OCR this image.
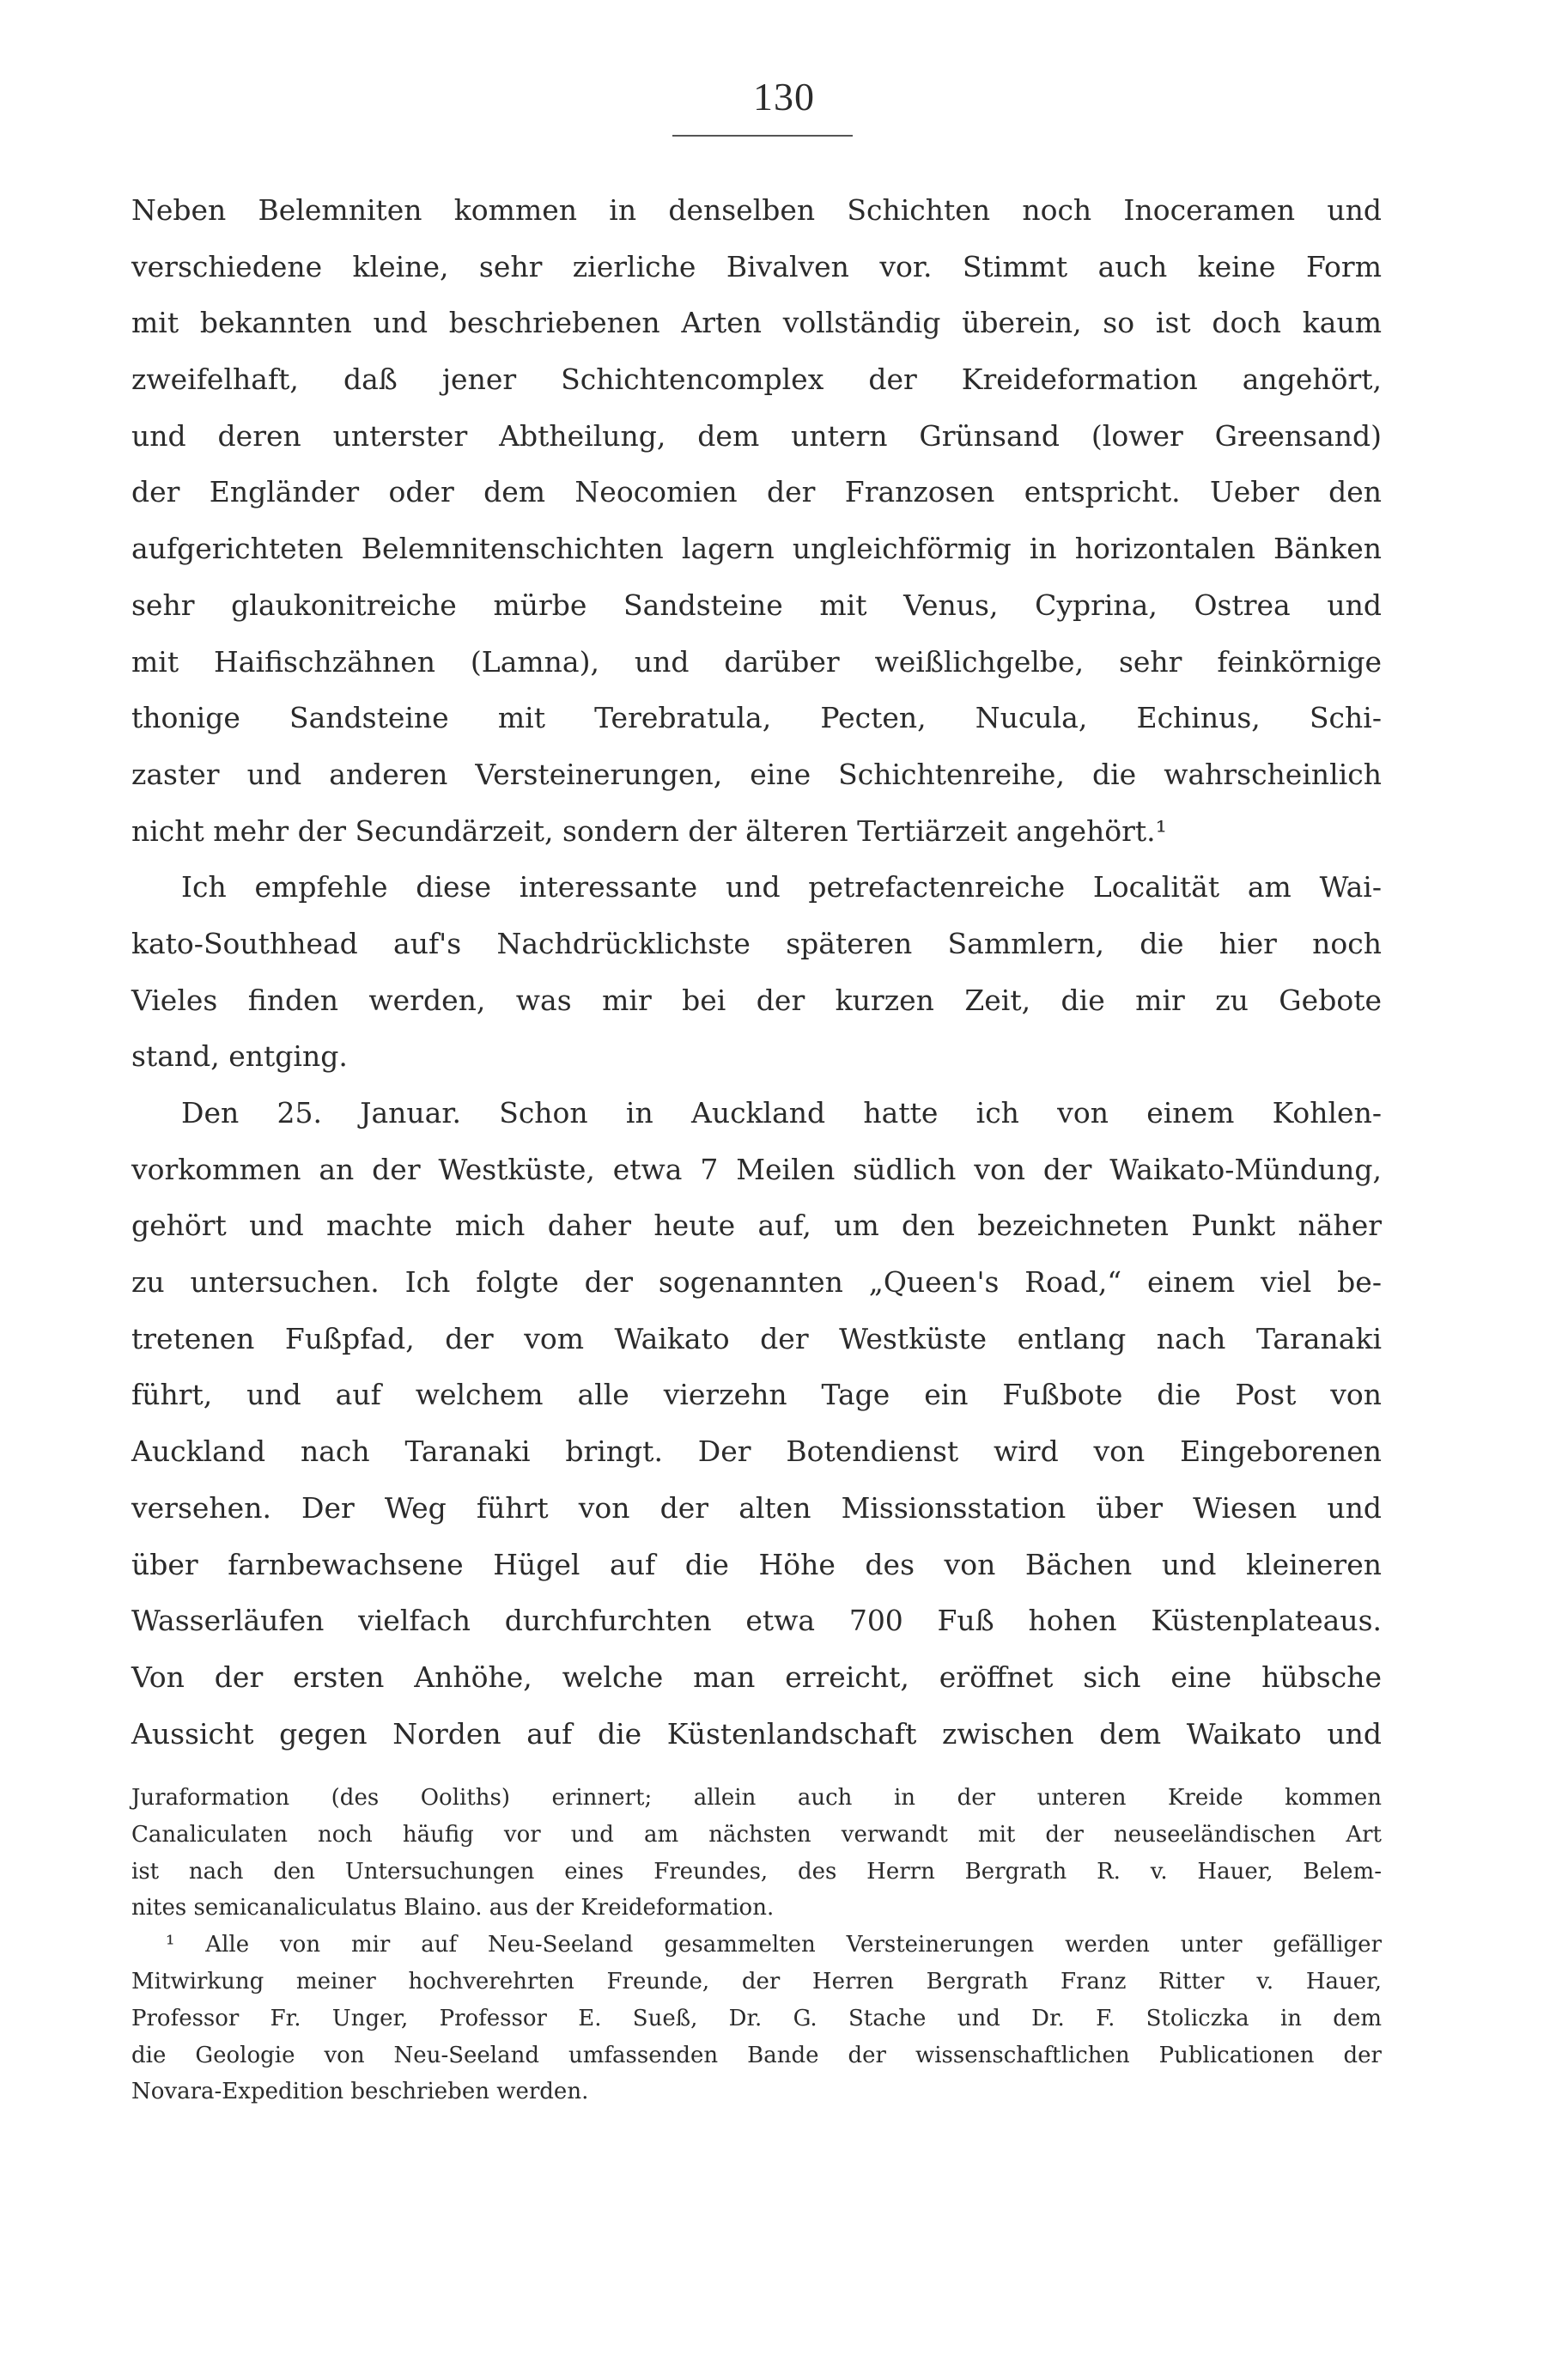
130
Neben Belemniten kommen in denselben Schichten noch Inoceramen und
verschiedene kleine, sehr zierliche Bivalven vor. Stimmt auch keine Form
mit bekannten und beschriebenen Arten vollständig überein, so ist doch kaum
zweifelhaft, daß jener Schichtencomplex der Kreideformation angehört,
und deren unterster Abtheilung, dem untern Grünsand (lower Greensand)
der Engländer oder dem Neocomien der Franzosen entspricht. Ueber den
aufgerichteten Belemnitenschichten lagern ungleichförmig in horizontalen Bänken
sehr glaukonitreiche mürbe Sandsteine mit Venus, Cyprina, Ostrea und
mit Haifischzähnen (Lamna), und darüber weißlichgelbe, sehr feinkörnige
thonige Sandsteine mit Terebratula, Pecten, Nucula, Echinus, Schi-
zaster und anderen Versteinerungen, eine Schichtenreihe, die wahrscheinlich
nicht mehr der Secundärzeit, sondern der älteren Tertiärzeit angehört.¹
Ich empfehle diese interessante und petrefactenreiche Localität am Wai-
kato-Southhead auf's Nachdrücklichste späteren Sammlern, die hier noch
Vieles finden werden, was mir bei der kurzen Zeit, die mir zu Gebote
stand, entging.
Den 25. Januar. Schon in Auckland hatte ich von einem Kohlen-
vorkommen an der Westküste, etwa 7 Meilen südlich von der Waikato-Mündung,
gehört und machte mich daher heute auf, um den bezeichneten Punkt näher
zu untersuchen. Ich folgte der sogenannten „Queen's Road,“ einem viel be-
tretenen Fußpfad, der vom Waikato der Westküste entlang nach Taranaki
führt, und auf welchem alle vierzehn Tage ein Fußbote die Post von
Auckland nach Taranaki bringt. Der Botendienst wird von Eingeborenen
versehen. Der Weg führt von der alten Missionsstation über Wiesen und
über farnbewachsene Hügel auf die Höhe des von Bächen und kleineren
Wasserläufen vielfach durchfurchten etwa 700 Fuß hohen Küstenplateaus.
Von der ersten Anhöhe, welche man erreicht, eröffnet sich eine hübsche
Aussicht gegen Norden auf die Küstenlandschaft zwischen dem Waikato und
Juraformation (des Ooliths) erinnert; allein auch in der unteren Kreide kommen
Canaliculaten noch häufig vor und am nächsten verwandt mit der neuseeländischen Art
ist nach den Untersuchungen eines Freundes, des Herrn Bergrath R. v. Hauer, Belem-
nites semicanaliculatus Blaino. aus der Kreideformation.
¹ Alle von mir auf Neu-Seeland gesammelten Versteinerungen werden unter gefälliger
Mitwirkung meiner hochverehrten Freunde, der Herren Bergrath Franz Ritter v. Hauer,
Professor Fr. Unger, Professor E. Sueß, Dr. G. Stache und Dr. F. Stoliczka in dem
die Geologie von Neu-Seeland umfassenden Bande der wissenschaftlichen Publicationen der
Novara-Expedition beschrieben werden.
